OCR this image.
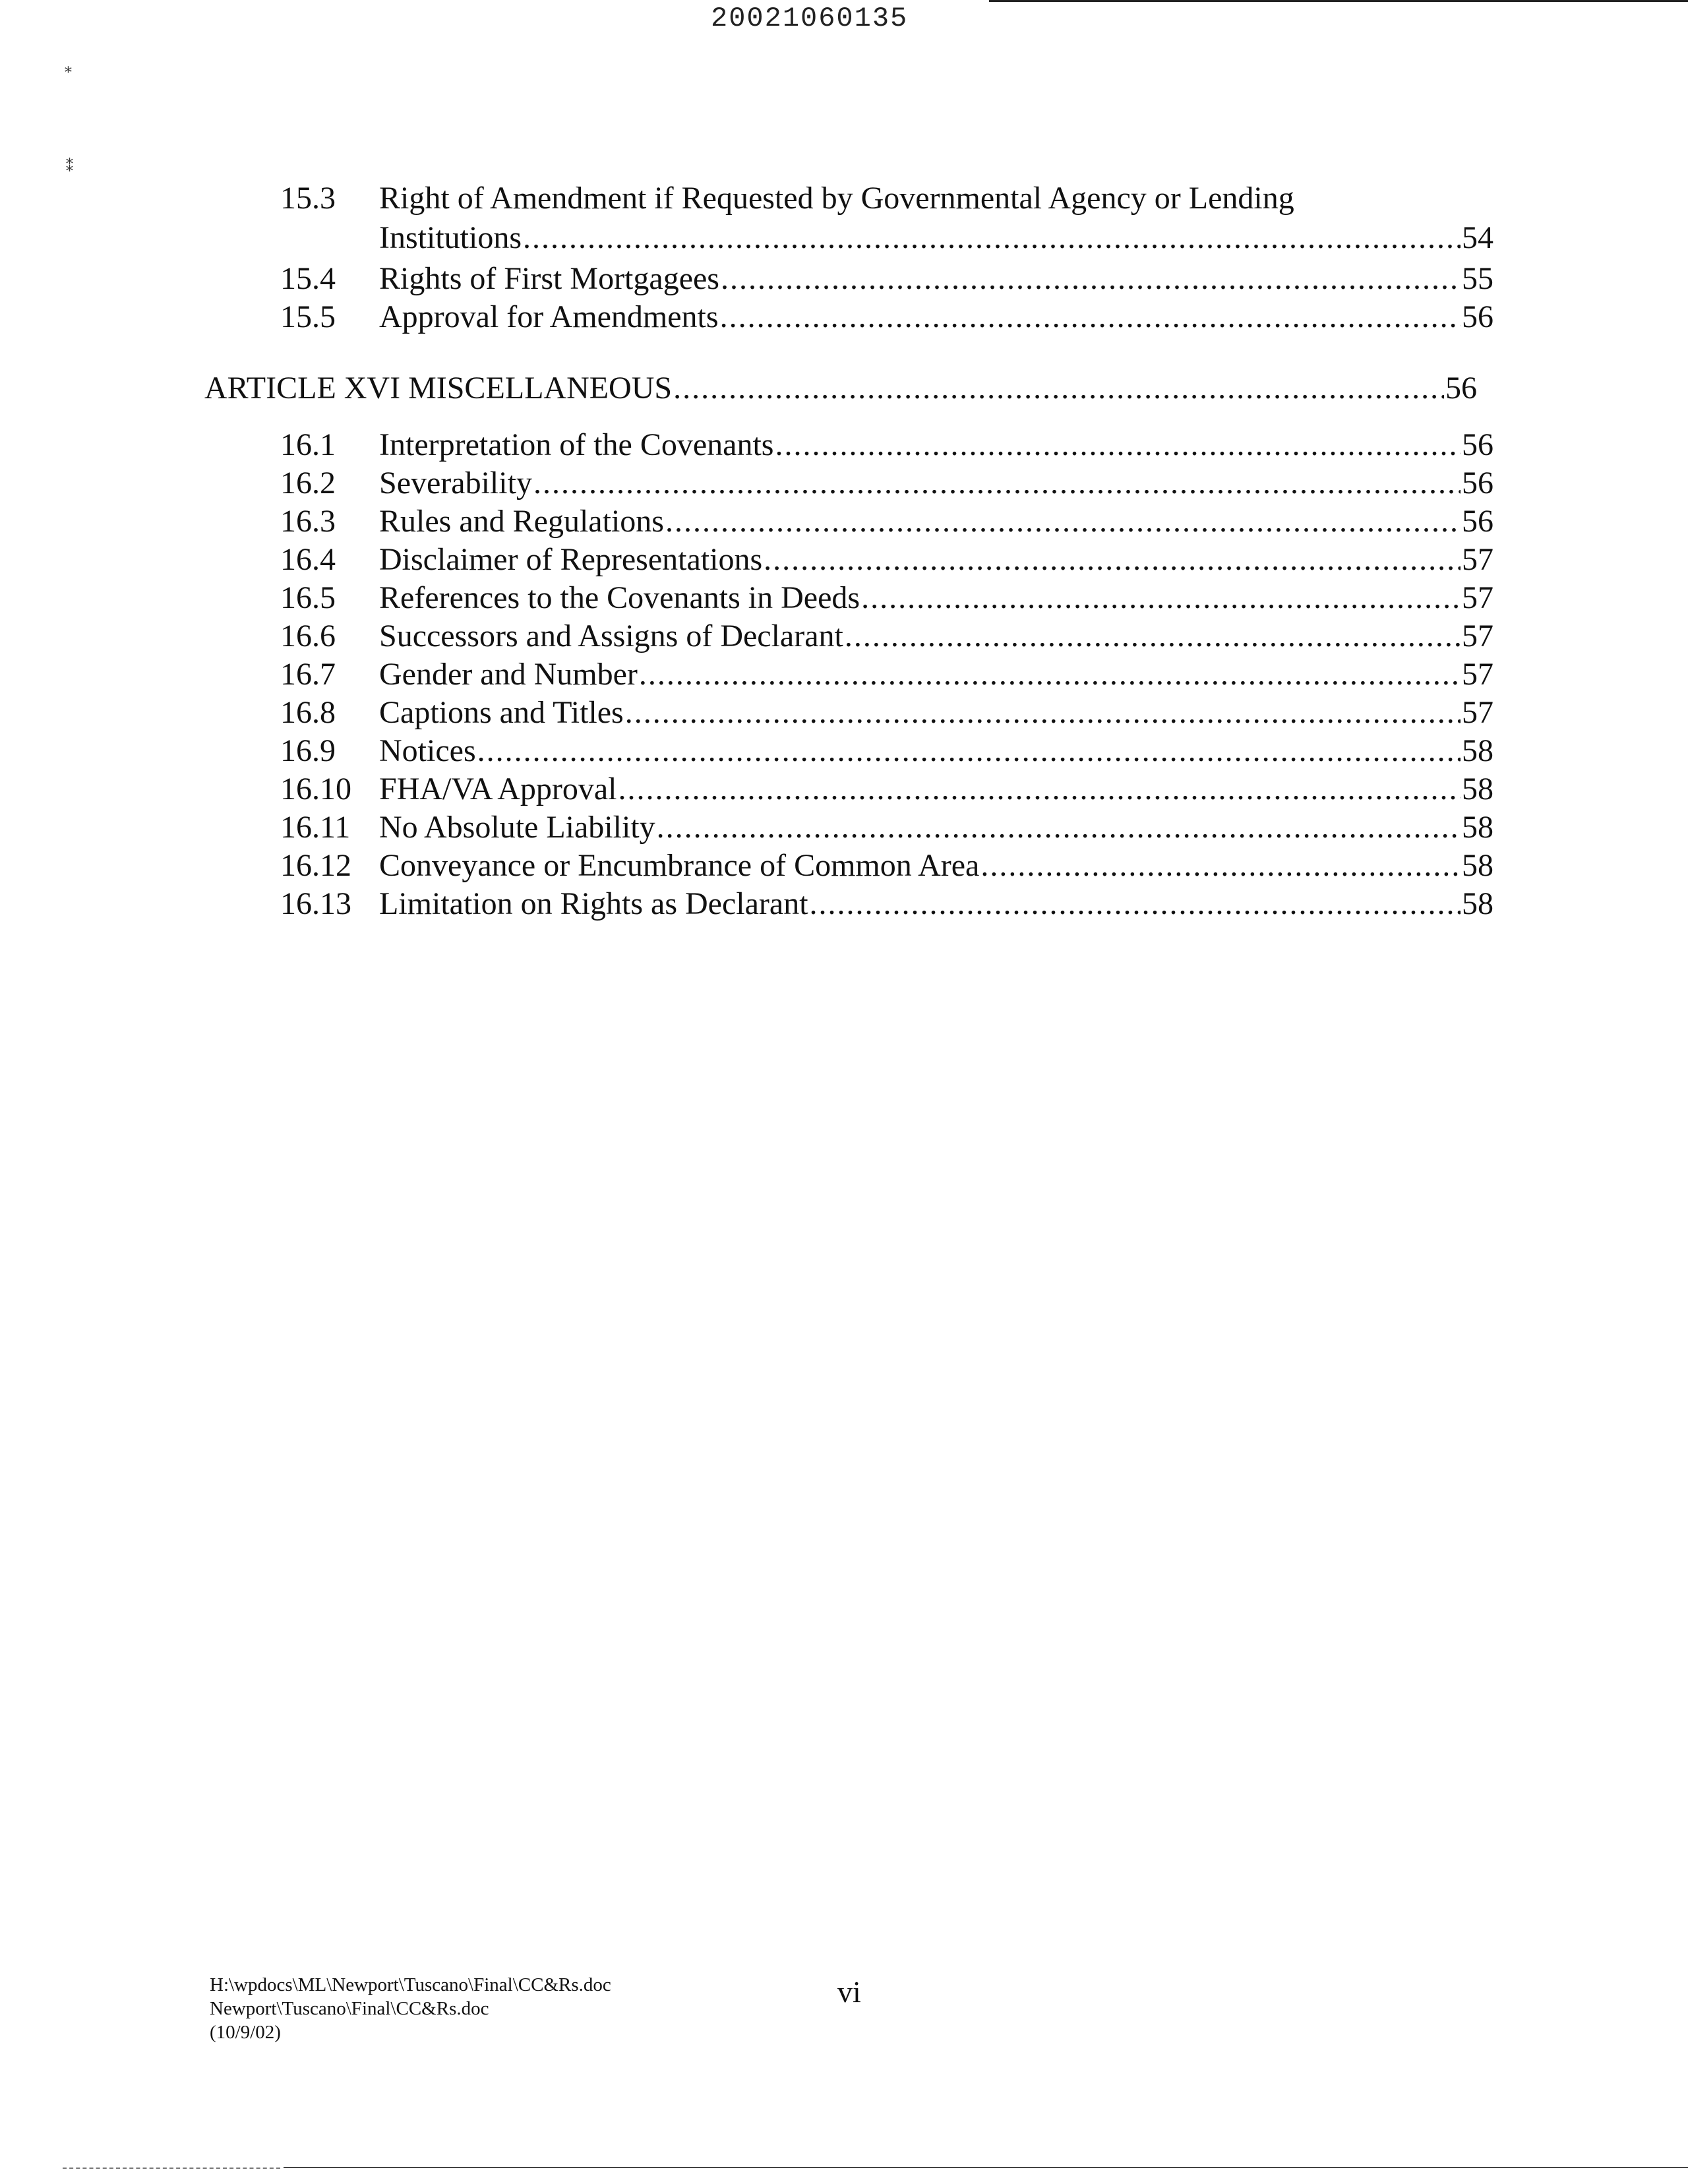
20021060135
⁎
⁑
15.3 Right of Amendment if Requested by Governmental Agency or Lending
Institutions .....	54
15.4 Rights of First Mortgagees .....	55
15.5 Approval for Amendments .....	56
ARTICLE XVI MISCELLANEOUS .....	56
16.1 Interpretation of the Covenants .....	56
16.2 Severability .....	56
16.3 Rules and Regulations .....	56
16.4 Disclaimer of Representations .....	57
16.5 References to the Covenants in Deeds .....	57
16.6 Successors and Assigns of Declarant .....	57
16.7 Gender and Number .....	57
16.8 Captions and Titles .....	57
16.9 Notices .....	58
16.10 FHA/VA Approval .....	58
16.11 No Absolute Liability .....	58
16.12 Conveyance or Encumbrance of Common Area .....	58
16.13 Limitation on Rights as Declarant .....	58
H:\wpdocs\ML\Newport\Tuscano\Final\CC&Rs.doc
Newport\Tuscano\Final\CC&Rs.doc
(10/9/02)
vi
